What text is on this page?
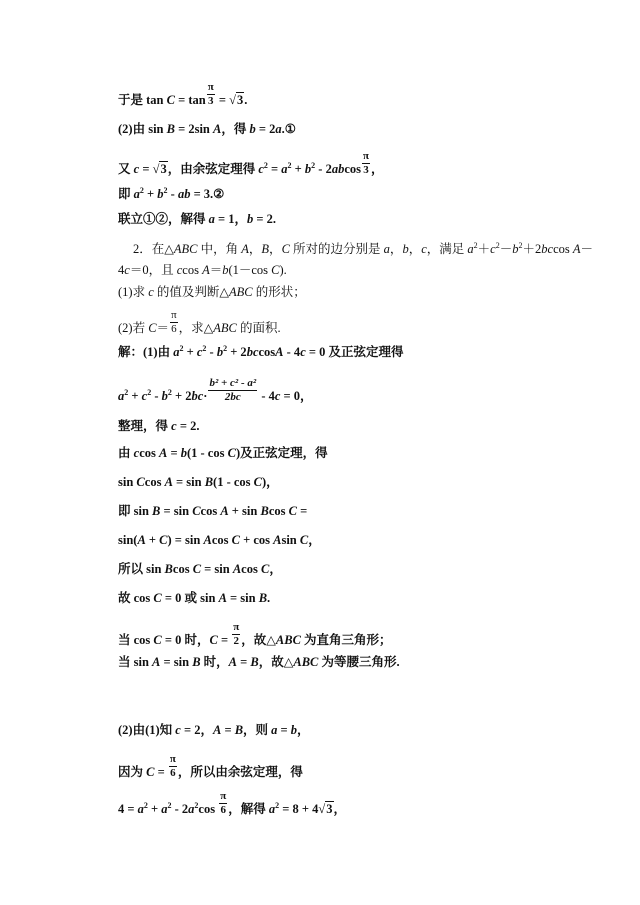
于是 $\tan C = \tan \frac{\pi}{3} = √3$.
(2)由 sin B = 2sin A，得 b = 2a.①
又 c = √3，由余弦定理得 $c^2 = a^2 + b^2 - 2abcos \frac{\pi}{3}$ ，
即 $a^2 + b^2$ - ab = 3.②
联立①②，解得 a = 1，b = 2.
2．在△ABC 中，角 A，B，C 所对的边分别是 a，b，c，满足 $a^2+c^2-b^2+2bccos$ A－
4c＝0，且 ccos A＝b(1－cos C).
(1)求 c 的值及判断△ABC 的形状；
(2)若 $C= \frac{\pi}{6}$ ，求△ABC 的面积.
解：(1)由 $a^2 + c^2 - b^2 + 2bccosA - 4c = 0$ 及正弦定理得
$a^2 + c^2 - b^2 + 2bc\cdot \frac{\text{b² + c² - a²}}{2bc} - 4c = 0$，
整理，得 c = 2.
由 ccos A = b(1 - cos C)及正弦定理，得
sin Ccos A = sin B(1 - cos C)，
即 sin B = sin Ccos A + sin Bcos C =
sin(A + C) = sin Acos C + cos Asin C，
所以 sin Bcos C = sin Acos C，
故 cos C = 0 或 sin A = sin B.
当 cos C = 0 时，$C = \frac{\pi}{2}$ ，故△ABC 为直角三角形；
当 sin A = sin B 时，A = B，故△ABC 为等腰三角形.
(2)由(1)知 c = 2，A = B，则 a = b，
因为 $C = \frac{\pi}{6}$ ，所以由余弦定理，得
$4 = a^2 + a^2 - 2a^2\cos \frac{\pi}{6}$ ，解得 $a^2 = 8 + 4√3$，
